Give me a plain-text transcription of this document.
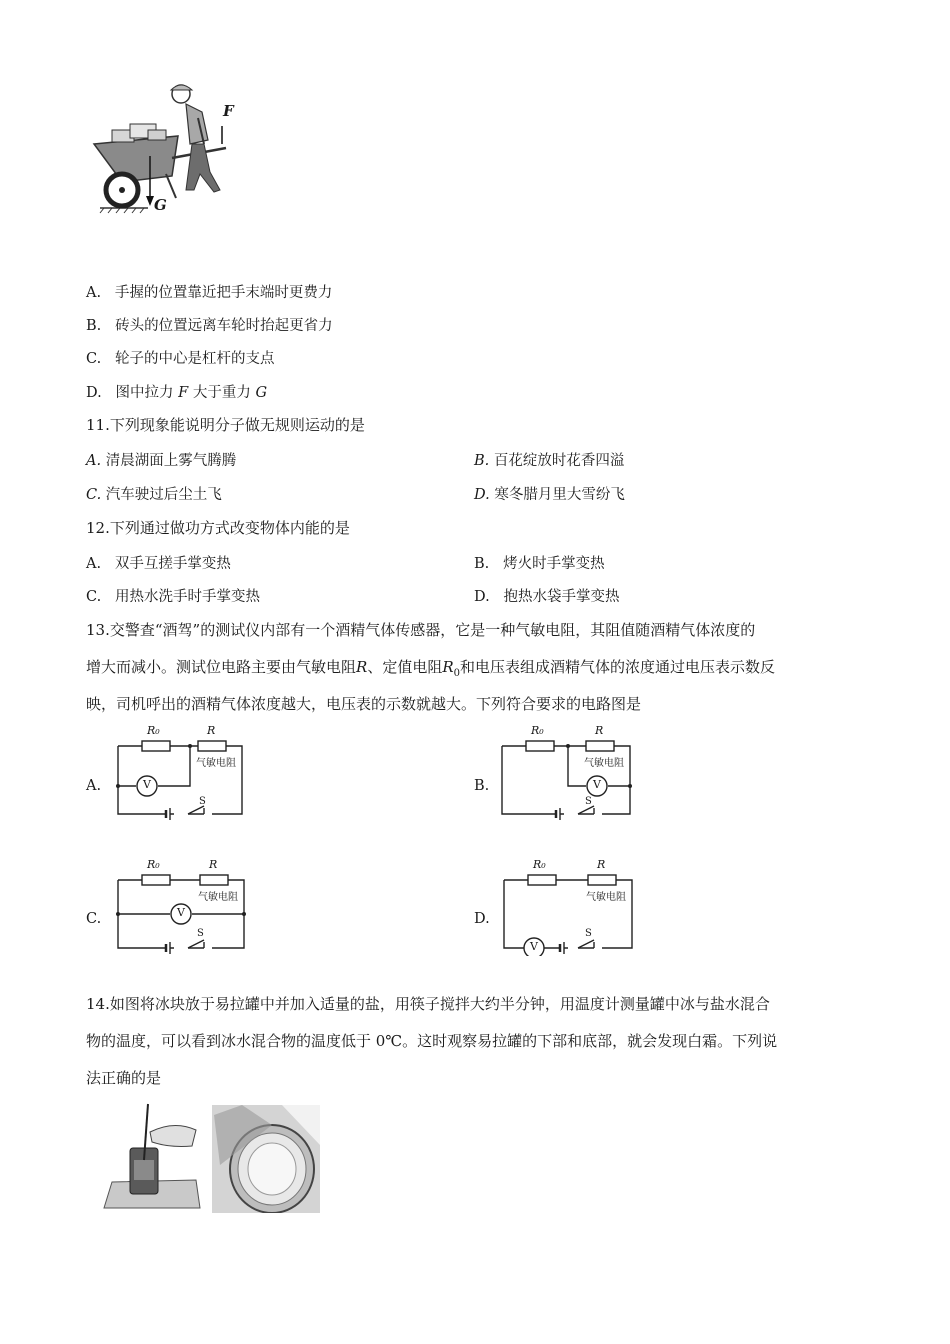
F
G
A. 手握的位置靠近把手末端时更费力
B. 砖头的位置远离车轮时抬起更省力
C. 轮子的中心是杠杆的支点
D. 图中拉力 F 大于重力 G
11.下列现象能说明分子做无规则运动的是
A. 清晨湖面上雾气腾腾	B. 百花绽放时花香四溢
C. 汽车驶过后尘土飞	D. 寒冬腊月里大雪纷飞
12.下列通过做功方式改变物体内能的是
A. 双手互搓手掌变热	B. 烤火时手掌变热
C. 用热水洗手时手掌变热	D. 抱热水袋手掌变热
13.交警查“酒驾”的测试仪内部有一个酒精气体传感器，它是一种气敏电阻，其阻值随酒精气体浓度的
增大而减小。测试位电路主要由气敏电阻R、定值电阻$R_0$和电压表组成酒精气体的浓度通过电压表示数反
映，司机呼出的酒精气体浓度越大，电压表的示数就越大。下列符合要求的电路图是
A.	B.
C.	D.
R₀	R
气敏电阻
V
S
R₀	R
气敏电阻
V
S
R₀	R
气敏电阻
V
S
R₀	R
气敏电阻
V
S
14.如图将冰块放于易拉罐中并加入适量的盐，用筷子搅拌大约半分钟，用温度计测量罐中冰与盐水混合
物的温度，可以看到冰水混合物的温度低于 0℃。这时观察易拉罐的下部和底部，就会发现白霜。下列说
法正确的是
